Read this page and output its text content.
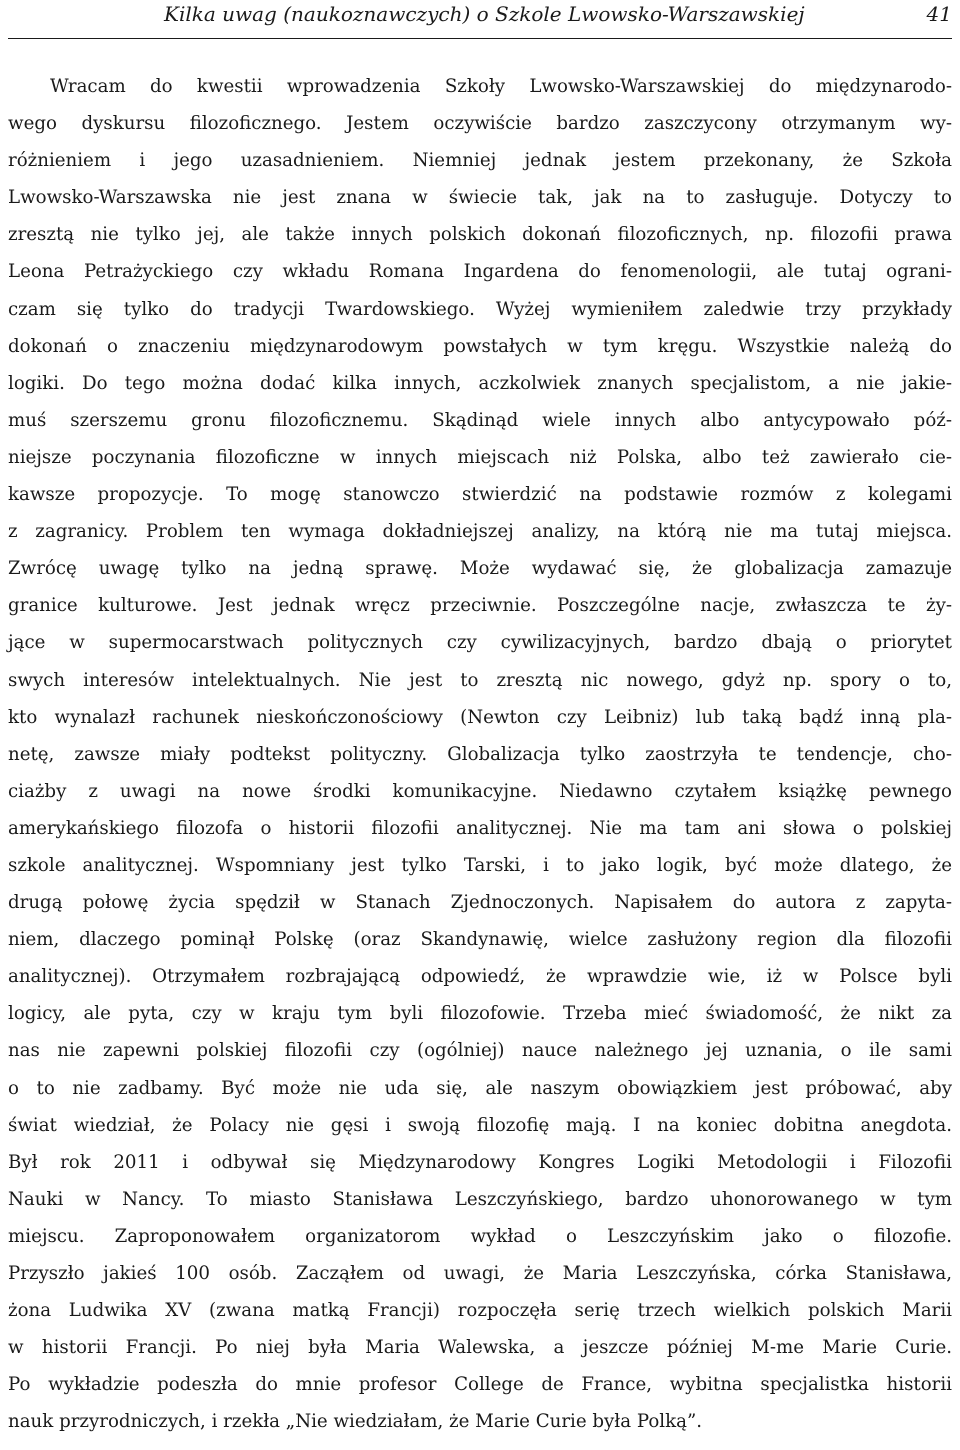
Kilka uwag (naukoznawczych) o Szkole Lwowsko-Warszawskiej	41
Wracam do kwestii wprowadzenia Szkoły Lwowsko-Warszawskiej do międzynarodo-
wego dyskursu filozoficznego. Jestem oczywiście bardzo zaszczycony otrzymanym wy-
różnieniem i jego uzasadnieniem. Niemniej jednak jestem przekonany, że Szkoła
Lwowsko-Warszawska nie jest znana w świecie tak, jak na to zasługuje. Dotyczy to
zresztą nie tylko jej, ale także innych polskich dokonań filozoficznych, np. filozofii prawa
Leona Petrażyckiego czy wkładu Romana Ingardena do fenomenologii, ale tutaj ograni-
czam się tylko do tradycji Twardowskiego. Wyżej wymieniłem zaledwie trzy przykłady
dokonań o znaczeniu międzynarodowym powstałych w tym kręgu. Wszystkie należą do
logiki. Do tego można dodać kilka innych, aczkolwiek znanych specjalistom, a nie jakie-
muś szerszemu gronu filozoficznemu. Skądinąd wiele innych albo antycypowało póź-
niejsze poczynania filozoficzne w innych miejscach niż Polska, albo też zawierało cie-
kawsze propozycje. To mogę stanowczo stwierdzić na podstawie rozmów z kolegami
z zagranicy. Problem ten wymaga dokładniejszej analizy, na którą nie ma tutaj miejsca.
Zwrócę uwagę tylko na jedną sprawę. Może wydawać się, że globalizacja zamazuje
granice kulturowe. Jest jednak wręcz przeciwnie. Poszczególne nacje, zwłaszcza te ży-
jące w supermocarstwach politycznych czy cywilizacyjnych, bardzo dbają o priorytet
swych interesów intelektualnych. Nie jest to zresztą nic nowego, gdyż np. spory o to,
kto wynalazł rachunek nieskończonościowy (Newton czy Leibniz) lub taką bądź inną pla-
netę, zawsze miały podtekst polityczny. Globalizacja tylko zaostrzyła te tendencje, cho-
ciażby z uwagi na nowe środki komunikacyjne. Niedawno czytałem książkę pewnego
amerykańskiego filozofa o historii filozofii analitycznej. Nie ma tam ani słowa o polskiej
szkole analitycznej. Wspomniany jest tylko Tarski, i to jako logik, być może dlatego, że
drugą połowę życia spędził w Stanach Zjednoczonych. Napisałem do autora z zapyta-
niem, dlaczego pominął Polskę (oraz Skandynawię, wielce zasłużony region dla filozofii
analitycznej). Otrzymałem rozbrajającą odpowiedź, że wprawdzie wie, iż w Polsce byli
logicy, ale pyta, czy w kraju tym byli filozofowie. Trzeba mieć świadomość, że nikt za
nas nie zapewni polskiej filozofii czy (ogólniej) nauce należnego jej uznania, o ile sami
o to nie zadbamy. Być może nie uda się, ale naszym obowiązkiem jest próbować, aby
świat wiedział, że Polacy nie gęsi i swoją filozofię mają. I na koniec dobitna anegdota.
Był rok 2011 i odbywał się Międzynarodowy Kongres Logiki Metodologii i Filozofii
Nauki w Nancy. To miasto Stanisława Leszczyńskiego, bardzo uhonorowanego w tym
miejscu. Zaproponowałem organizatorom wykład o Leszczyńskim jako o filozofie.
Przyszło jakieś 100 osób. Zacząłem od uwagi, że Maria Leszczyńska, córka Stanisława,
żona Ludwika XV (zwana matką Francji) rozpoczęła serię trzech wielkich polskich Marii
w historii Francji. Po niej była Maria Walewska, a jeszcze później M-me Marie Curie.
Po wykładzie podeszła do mnie profesor College de France, wybitna specjalistka historii
nauk przyrodniczych, i rzekła „Nie wiedziałam, że Marie Curie była Polką”.
